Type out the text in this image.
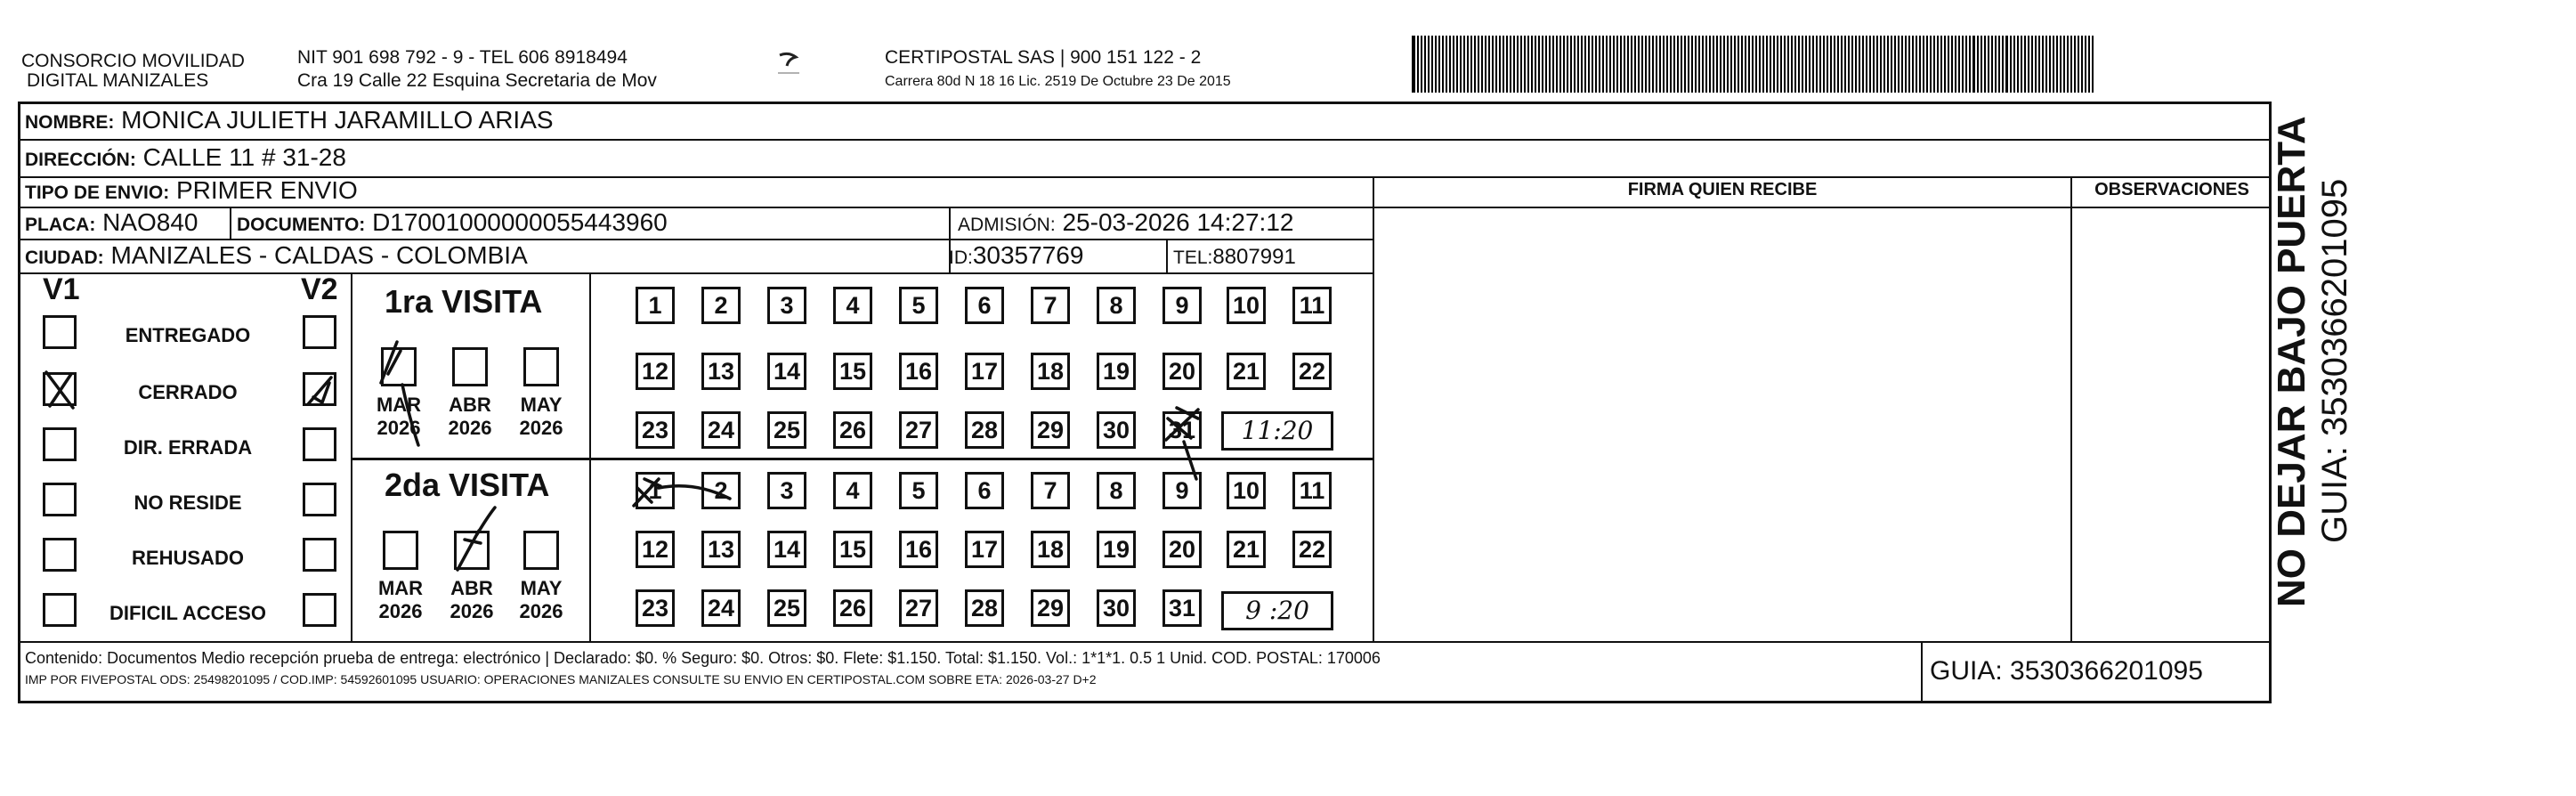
CONSORCIO MOVILIDAD
DIGITAL MANIZALES
NIT 901 698 792 - 9 - TEL 606 8918494
Cra 19 Calle 22 Esquina Secretaria de Mov
CERTIPOSTAL SAS | 900 151 122 - 2
Carrera 80d N 18 16 Lic. 2519 De Octubre 23 De 2015
NOMBRE: MONICA JULIETH JARAMILLO ARIAS
DIRECCIÓN: CALLE 11 # 31-28
TIPO DE ENVIO: PRIMER ENVIO
PLACA: NAO840 DOCUMENTO: D17001000000055443960	ADMISIÓN: 25-03-2026 14:27:12
CIUDAD: MANIZALES - CALDAS - COLOMBIA	ID:30357769	TEL:8807991
FIRMA QUIEN RECIBE	OBSERVACIONES
V1	V2
ENTREGADO
CERRADO
DIR. ERRADA
NO RESIDE
REHUSADO
DIFICIL ACCESO
1ra VISITA
MAR
2026
ABR
2026
MAY
2026
1	2	3	4	5	6	7	8	9	10 11
12 13 14 15 16 17 18 19 20 21 22
23 24 25 26 27 28 29 30 31	11:20
2da VISITA
MAR
2026
ABR
2026
MAY
2026
1	2	3	4	5	6	7	8	9	10 11
12 13 14 15 16 17 18 19 20 21 22
23 24 25 26 27 28 29 30 31	9 :20
Contenido: Documentos Medio recepción prueba de entrega: electrónico | Declarado: $0. % Seguro: $0. Otros: $0. Flete: $1.150. Total: $1.150. Vol.: 1*1*1. 0.5 1 Unid. COD. POSTAL: 170006
IMP POR FIVEPOSTAL ODS: 25498201095 / COD.IMP: 54592601095 USUARIO: OPERACIONES MANIZALES CONSULTE SU ENVIO EN CERTIPOSTAL.COM SOBRE ETA: 2026-03-27 D+2	GUIA: 3530366201095
NO DEJAR BAJO PUERTA GUIA: 3530366201095
